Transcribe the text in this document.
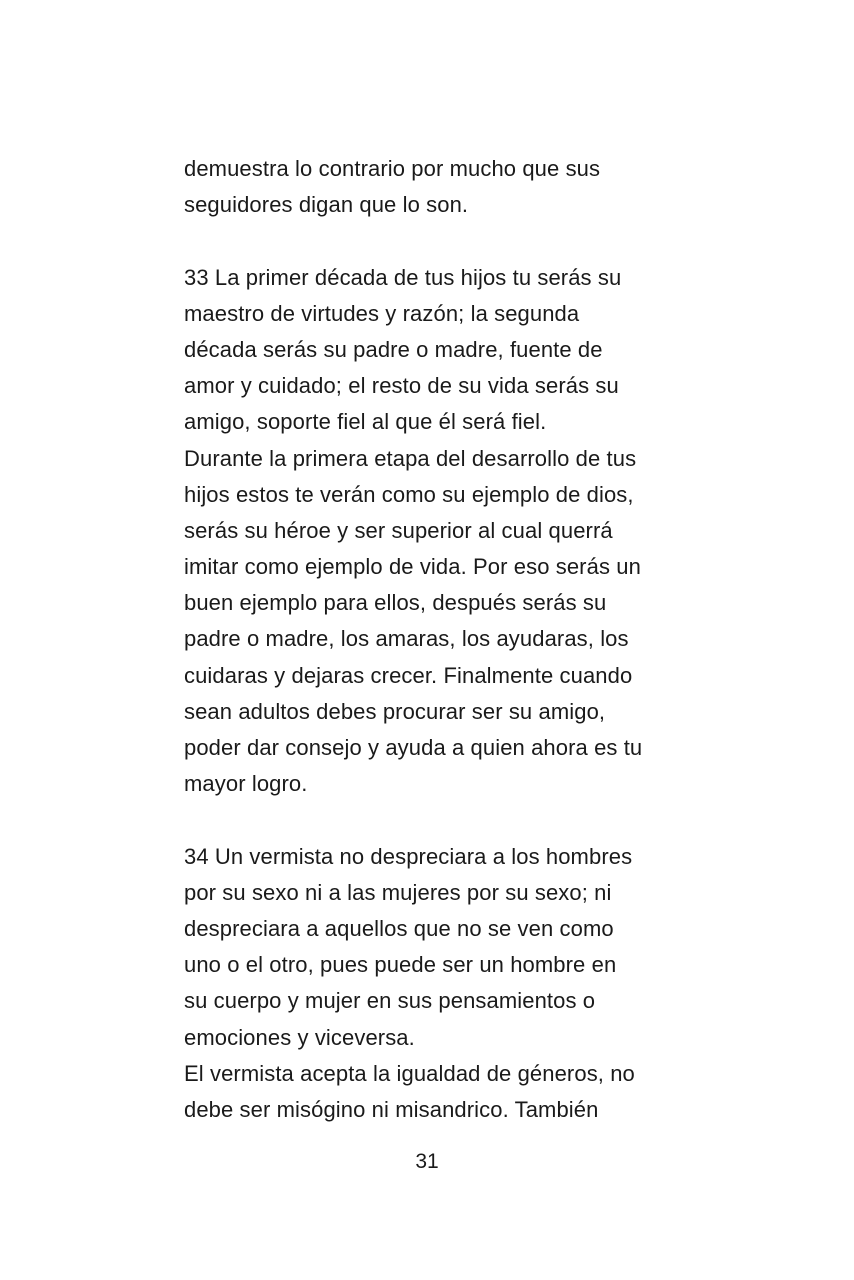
demuestra lo contrario por mucho que sus
seguidores digan que lo son.
33 La primer década de tus hijos tu serás su
maestro de virtudes y razón; la segunda
década serás su padre o madre, fuente de
amor y cuidado; el resto de su vida serás su
amigo, soporte fiel al que él será fiel.
Durante la primera etapa del desarrollo de tus
hijos estos te verán como su ejemplo de dios,
serás su héroe y ser superior al cual querrá
imitar como ejemplo de vida. Por eso serás un
buen ejemplo para ellos, después serás su
padre o madre, los amaras, los ayudaras, los
cuidaras y dejaras crecer. Finalmente cuando
sean adultos debes procurar ser su amigo,
poder dar consejo y ayuda a quien ahora es tu
mayor logro.
34 Un vermista no despreciara a los hombres
por su sexo ni a las mujeres por su sexo; ni
despreciara a aquellos que no se ven como
uno o el otro, pues puede ser un hombre en
su cuerpo y mujer en sus pensamientos o
emociones y viceversa.
El vermista acepta la igualdad de géneros, no
debe ser misógino ni misandrico. También
31
